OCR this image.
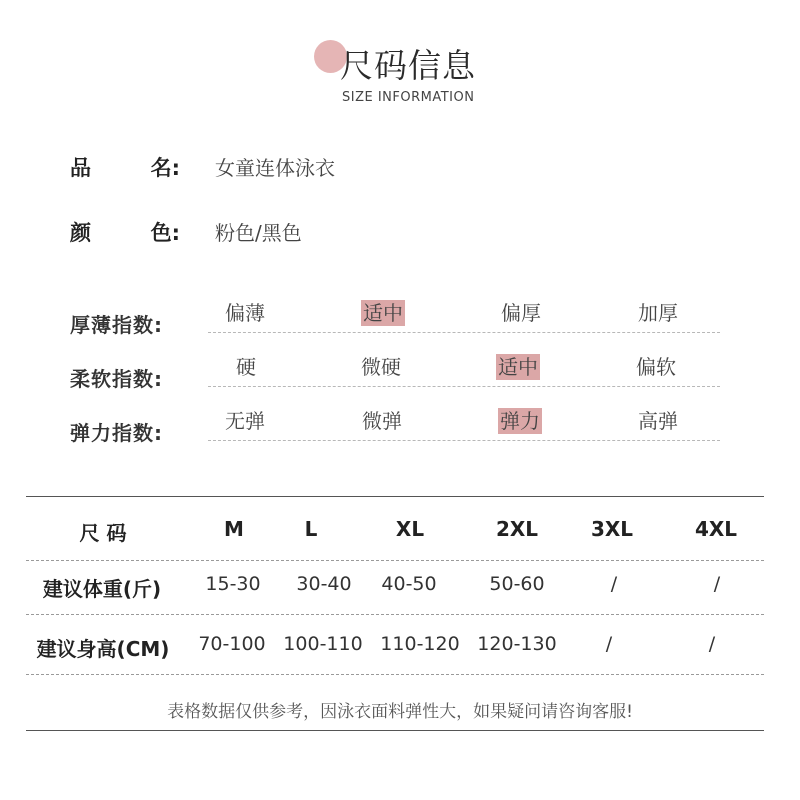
尺码信息
SIZE INFORMATION
品	名: 女童连体泳衣
颜	色: 粉色/黑色
厚薄指数:	偏薄	适中	偏厚	加厚
柔软指数:	硬	微硬	适中	偏软
弹力指数:	无弹	微弹	弹力	高弹
尺 码	M	L	XL	2XL	3XL	4XL
建议体重(斤) 15-30 30-40 40-50	50-60	/	/
建议身高(CM) 70-100 100-110 110-120 120-130	/	/
表格数据仅供参考，因泳衣面料弹性大，如果疑问请咨询客服!
